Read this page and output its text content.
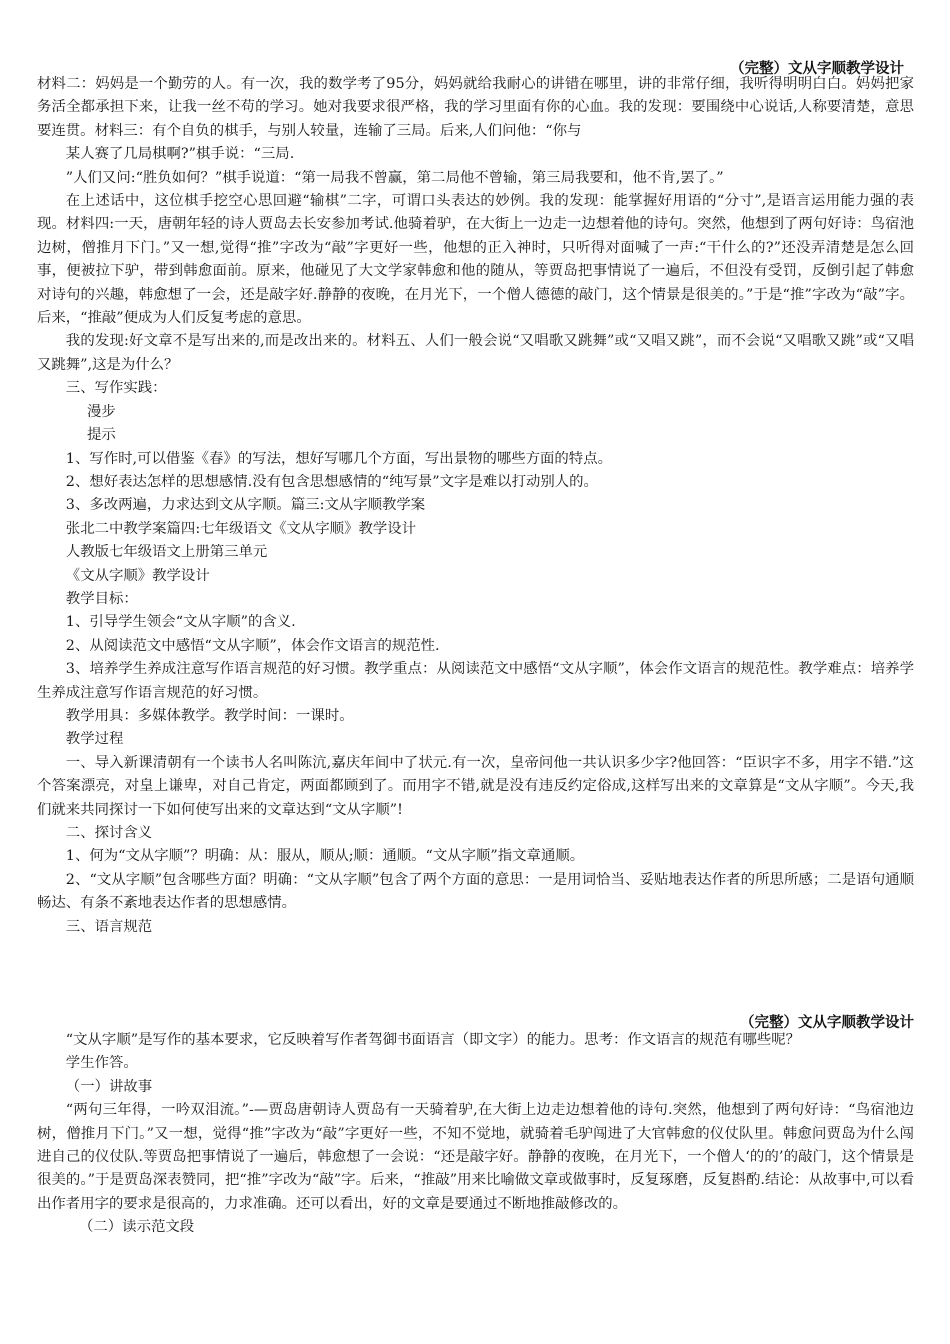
（完整）文从字顺教学设计

材料二：妈妈是一个勤劳的人。有一次，我的数学考了95分，妈妈就给我耐心的讲错在哪里，讲的非常仔细，我听得明明白白。妈妈把家务活全都承担下来，让我一丝不苟的学习。她对我要求很严格，我的学习里面有你的心血。我的发现：要围绕中心说话,人称要清楚，意思要连贯。材料三：有个自负的棋手，与别人较量，连输了三局。后来,人们问他：“你与

某人赛了几局棋啊?”棋手说：“三局.

”人们又问:“胜负如何？”棋手说道：“第一局我不曾赢，第二局他不曾输，第三局我要和，他不肯,罢了。”

在上述话中，这位棋手挖空心思回避“输棋”二字，可谓口头表达的妙例。我的发现：能掌握好用语的“分寸”,是语言运用能力强的表现。材料四:一天，唐朝年轻的诗人贾岛去长安参加考试.他骑着驴，在大街上一边走一边想着他的诗句。突然，他想到了两句好诗：鸟宿池边树，僧推月下门。”又一想,觉得“推”字改为“敲”字更好一些，他想的正入神时，只听得对面喊了一声:“干什么的?”还没弄清楚是怎么回事，便被拉下驴，带到韩愈面前。原来，他碰见了大文学家韩愈和他的随从，等贾岛把事情说了一遍后，不但没有受罚，反倒引起了韩愈对诗句的兴趣，韩愈想了一会，还是敲字好.静静的夜晚，在月光下，一个僧人德德的敲门，这个情景是很美的。”于是“推”字改为“敲”字。后来，“推敲”便成为人们反复考虑的意思。

我的发现:好文章不是写出来的,而是改出来的。材料五、人们一般会说“又唱歌又跳舞”或“又唱又跳”，而不会说“又唱歌又跳”或“又唱又跳舞”,这是为什么？

三、写作实践：

漫步

提示

1、写作时,可以借鉴《春》的写法，想好写哪几个方面，写出景物的哪些方面的特点。

2、想好表达怎样的思想感情.没有包含思想感情的“纯写景”文字是难以打动别人的。

3、多改两遍，力求达到文从字顺。篇三:文从字顺教学案

张北二中教学案篇四:七年级语文《文从字顺》教学设计

人教版七年级语文上册第三单元

《文从字顺》教学设计

教学目标：

1、引导学生领会“文从字顺”的含义.

2、从阅读范文中感悟“文从字顺”，体会作文语言的规范性.

3、培养学生养成注意写作语言规范的好习惯。教学重点：从阅读范文中感悟“文从字顺”，体会作文语言的规范性。教学难点：培养学生养成注意写作语言规范的好习惯。

教学用具：多媒体教学。教学时间：一课时。

教学过程

一、导入新课清朝有一个读书人名叫陈沆,嘉庆年间中了状元.有一次，皇帝问他一共认识多少字?他回答：“臣识字不多，用字不错.”这个答案漂亮，对皇上谦卑，对自己肯定，两面都顾到了。而用字不错,就是没有违反约定俗成,这样写出来的文章算是“文从字顺”。今天,我们就来共同探讨一下如何使写出来的文章达到“文从字顺”!

二、探讨含义

1、何为“文从字顺”？明确：从：服从，顺从;顺：通顺。“文从字顺”指文章通顺。

2、“文从字顺”包含哪些方面？明确：“文从字顺”包含了两个方面的意思：一是用词恰当、妥贴地表达作者的所思所感；二是语句通顺畅达、有条不紊地表达作者的思想感情。

三、语言规范

（完整）文从字顺教学设计

“文从字顺”是写作的基本要求，它反映着写作者驾御书面语言（即文字）的能力。思考：作文语言的规范有哪些呢？

学生作答。

（一）讲故事

“两句三年得，一吟双泪流。”-—贾岛唐朝诗人贾岛有一天骑着驴,在大街上边走边想着他的诗句.突然，他想到了两句好诗：“鸟宿池边树，僧推月下门。”又一想，觉得“推”字改为“敲”字更好一些，不知不觉地，就骑着毛驴闯进了大官韩愈的仪仗队里。韩愈问贾岛为什么闯进自己的仪仗队.等贾岛把事情说了一遍后，韩愈想了一会说：“还是敲字好。静静的夜晚，在月光下，一个僧人‘的的’的敲门，这个情景是很美的。”于是贾岛深表赞同，把“推”字改为“敲”字。后来，“推敲”用来比喻做文章或做事时，反复琢磨，反复斟酌.结论：从故事中,可以看出作者用字的要求是很高的，力求准确。还可以看出，好的文章是要通过不断地推敲修改的。

（二）读示范文段
